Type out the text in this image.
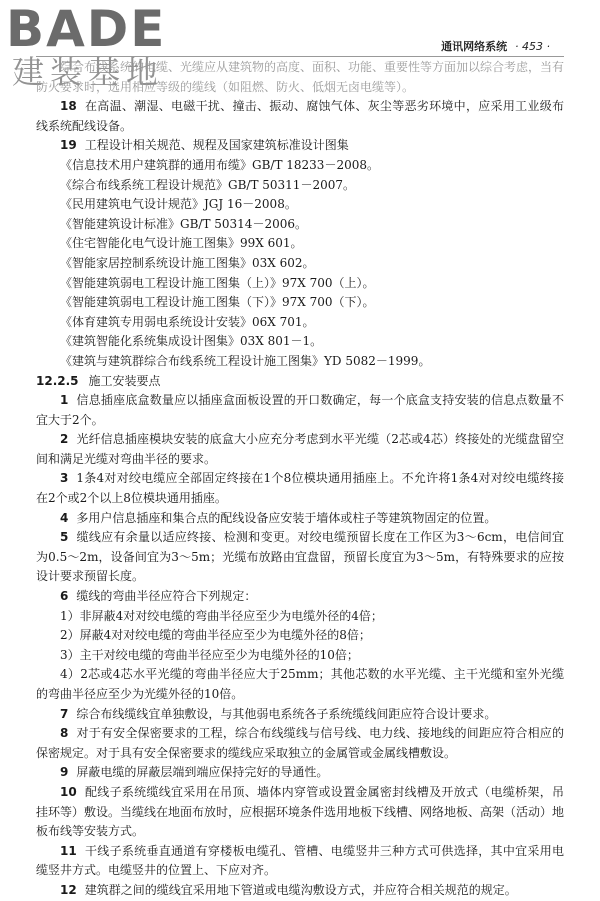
BADE
建装基地
通讯网络系统 · 453 ·

综合布线系统的电缆、光缆应从建筑物的高度、面积、功能、重要性等方面加以综合考虑，当有防火要求时，选用相应等级的缆线（如阻燃、防火、低烟无卤电缆等）。

18 在高温、潮湿、电磁干扰、撞击、振动、腐蚀气体、灰尘等恶劣环境中，应采用工业级布线系统配线设备。

19 工程设计相关规范、规程及国家建筑标准设计图集

《信息技术用户建筑群的通用布缆》GB/T 18233－2008。

《综合布线系统工程设计规范》GB/T 50311－2007。

《民用建筑电气设计规范》JGJ 16－2008。

《智能建筑设计标准》GB/T 50314－2006。

《住宅智能化电气设计施工图集》99X 601。

《智能家居控制系统设计施工图集》03X 602。

《智能建筑弱电工程设计施工图集（上）》97X 700（上）。

《智能建筑弱电工程设计施工图集（下）》97X 700（下）。

《体育建筑专用弱电系统设计安装》06X 701。

《建筑智能化系统集成设计图集》03X 801－1。

《建筑与建筑群综合布线系统工程设计施工图集》YD 5082－1999。

12.2.5 施工安装要点

1 信息插座底盒数量应以插座盒面板设置的开口数确定，每一个底盒支持安装的信息点数量不宜大于2个。

2 光纤信息插座模块安装的底盒大小应充分考虑到水平光缆（2芯或4芯）终接处的光缆盘留空间和满足光缆对弯曲半径的要求。

3 1条4对对绞电缆应全部固定终接在1个8位模块通用插座上。不允许将1条4对对绞电缆终接在2个或2个以上8位模块通用插座。

4 多用户信息插座和集合点的配线设备应安装于墙体或柱子等建筑物固定的位置。

5 缆线应有余量以适应终接、检测和变更。对绞电缆预留长度在工作区为3～6cm，电信间宜为0.5～2m，设备间宜为3～5m；光缆布放路由宜盘留，预留长度宜为3～5m，有特殊要求的应按设计要求预留长度。

6 缆线的弯曲半径应符合下列规定：

1）非屏蔽4对对绞电缆的弯曲半径应至少为电缆外径的4倍；

2）屏蔽4对对绞电缆的弯曲半径应至少为电缆外径的8倍；

3）主干对绞电缆的弯曲半径应至少为电缆外径的10倍；

4）2芯或4芯水平光缆的弯曲半径应大于25mm；其他芯数的水平光缆、主干光缆和室外光缆的弯曲半径应至少为光缆外径的10倍。

7 综合布线缆线宜单独敷设，与其他弱电系统各子系统缆线间距应符合设计要求。

8 对于有安全保密要求的工程，综合布线缆线与信号线、电力线、接地线的间距应符合相应的保密规定。对于具有安全保密要求的缆线应采取独立的金属管或金属线槽敷设。

9 屏蔽电缆的屏蔽层端到端应保持完好的导通性。

10 配线子系统缆线宜采用在吊顶、墙体内穿管或设置金属密封线槽及开放式（电缆桥架，吊挂环等）敷设。当缆线在地面布放时，应根据环境条件选用地板下线槽、网络地板、高架（活动）地板布线等安装方式。

11 干线子系统垂直通道有穿楼板电缆孔、管槽、电缆竖井三种方式可供选择，其中宜采用电缆竖井方式。电缆竖井的位置上、下应对齐。

12 建筑群之间的缆线宜采用地下管道或电缆沟敷设方式，并应符合相关规范的规定。
